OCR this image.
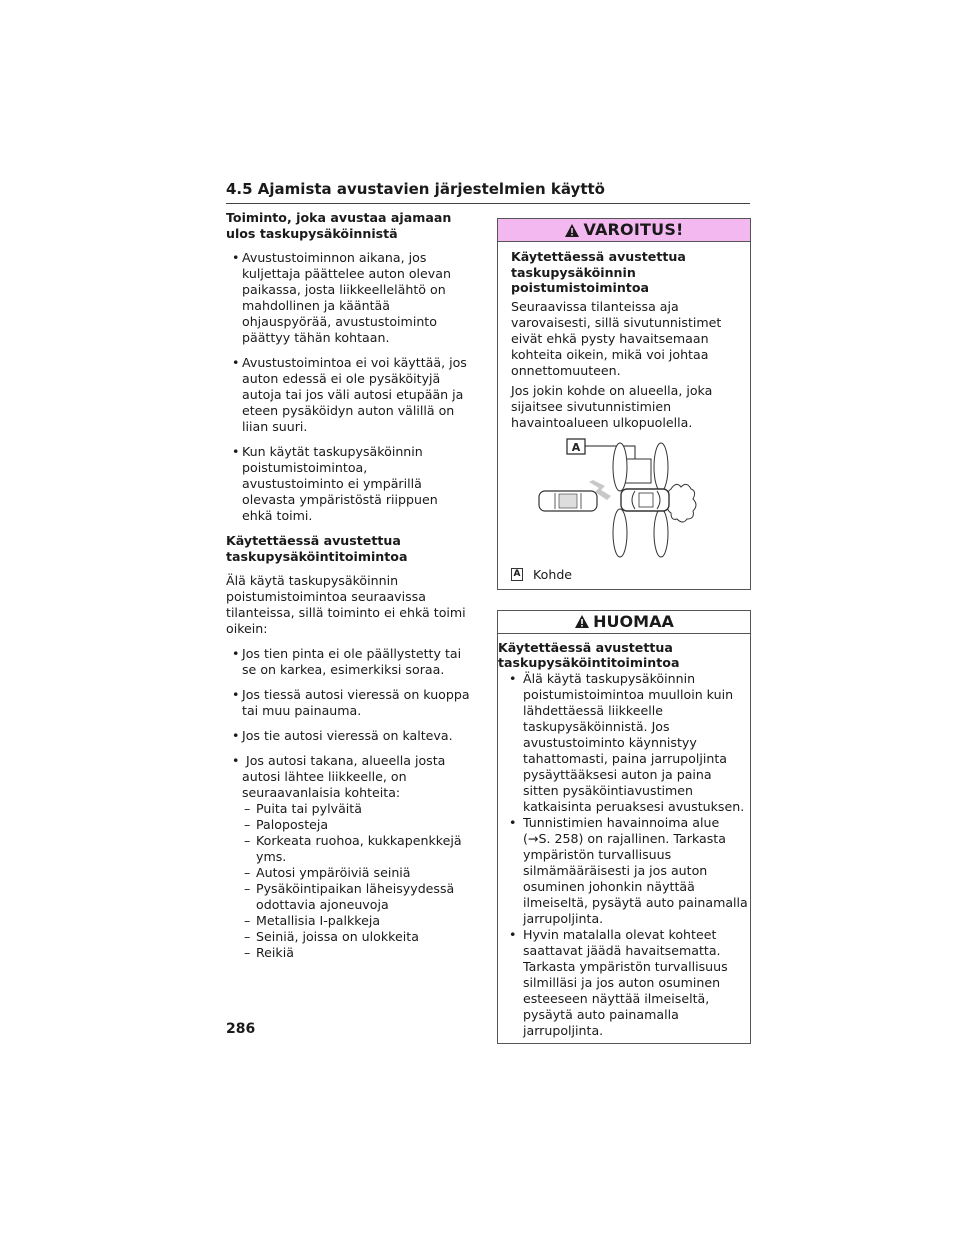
4.5 Ajamista avustavien järjestelmien käyttö
Toiminto, joka avustaa ajamaan ulos taskupysäköinnistä
• Avustustoiminnon aikana, jos kuljettaja päättelee auton olevan paikassa, josta liikkeellelähtö on mahdollinen ja kääntää ohjauspyörää, avustustoiminto päättyy tähän kohtaan.
• Avustustoimintoa ei voi käyttää, jos auton edessä ei ole pysäköityjä autoja tai jos väli autosi etupään ja eteen pysäköidyn auton välillä on liian suuri.
• Kun käytät taskupysäköinnin poistumistoimintoa, avustustoiminto ei ympärillä olevasta ympäristöstä riippuen ehkä toimi.
Käytettäessä avustettua taskupysäköintitoimintoa

Älä käytä taskupysäköinnin poistumistoimintoa seuraavissa tilanteissa, sillä toiminto ei ehkä toimi oikein:

• Jos tien pinta ei ole päällystetty tai se on karkea, esimerkiksi soraa.
• Jos tiessä autosi vieressä on kuoppa tai muu painauma.
• Jos tie autosi vieressä on kalteva.
• Jos autosi takana, alueella josta autosi lähtee liikkeelle, on seuraavanlaisia kohteita:
– Puita tai pylväitä
– Paloposteja
– Korkeata ruohoa, kukkapenkkejä yms.
– Autosi ympäröiviä seiniä
– Pysäköintipaikan läheisyydessä odottavia ajoneuvoja
– Metallisia I-palkkeja
– Seiniä, joissa on ulokkeita
– Reikiä
VAROITUS!
Käytettäessä avustettua taskupysäköinnin poistumistoimintoa

Seuraavissa tilanteissa aja varovaisesti, sillä sivutunnistimet eivät ehkä pysty havaitsemaan kohteita oikein, mikä voi johtaa onnettomuuteen.

Jos jokin kohde on alueella, joka sijaitsee sivutunnistimien havaintoalueen ulkopuolella.

A
A Kohde
HUOMAA
Käytettäessä avustettua taskupysäköintitoimintoa
• Älä käytä taskupysäköinnin poistumistoimintoa muulloin kuin lähdettäessä liikkeelle taskupysäköinnistä. Jos avustustoiminto käynnistyy tahattomasti, paina jarrupoljinta pysäyttääksesi auton ja paina sitten pysäköintiavustimen katkaisinta peruaksesi avustuksen.
• Tunnistimien havainnoima alue (→S. 258) on rajallinen. Tarkasta ympäristön turvallisuus silmämääräisesti ja jos auton osuminen johonkin näyttää ilmeiseltä, pysäytä auto painamalla jarrupoljinta.
• Hyvin matalalla olevat kohteet saattavat jäädä havaitsematta. Tarkasta ympäristön turvallisuus silmilläsi ja jos auton osuminen esteeseen näyttää ilmeiseltä, pysäytä auto painamalla jarrupoljinta.
286
